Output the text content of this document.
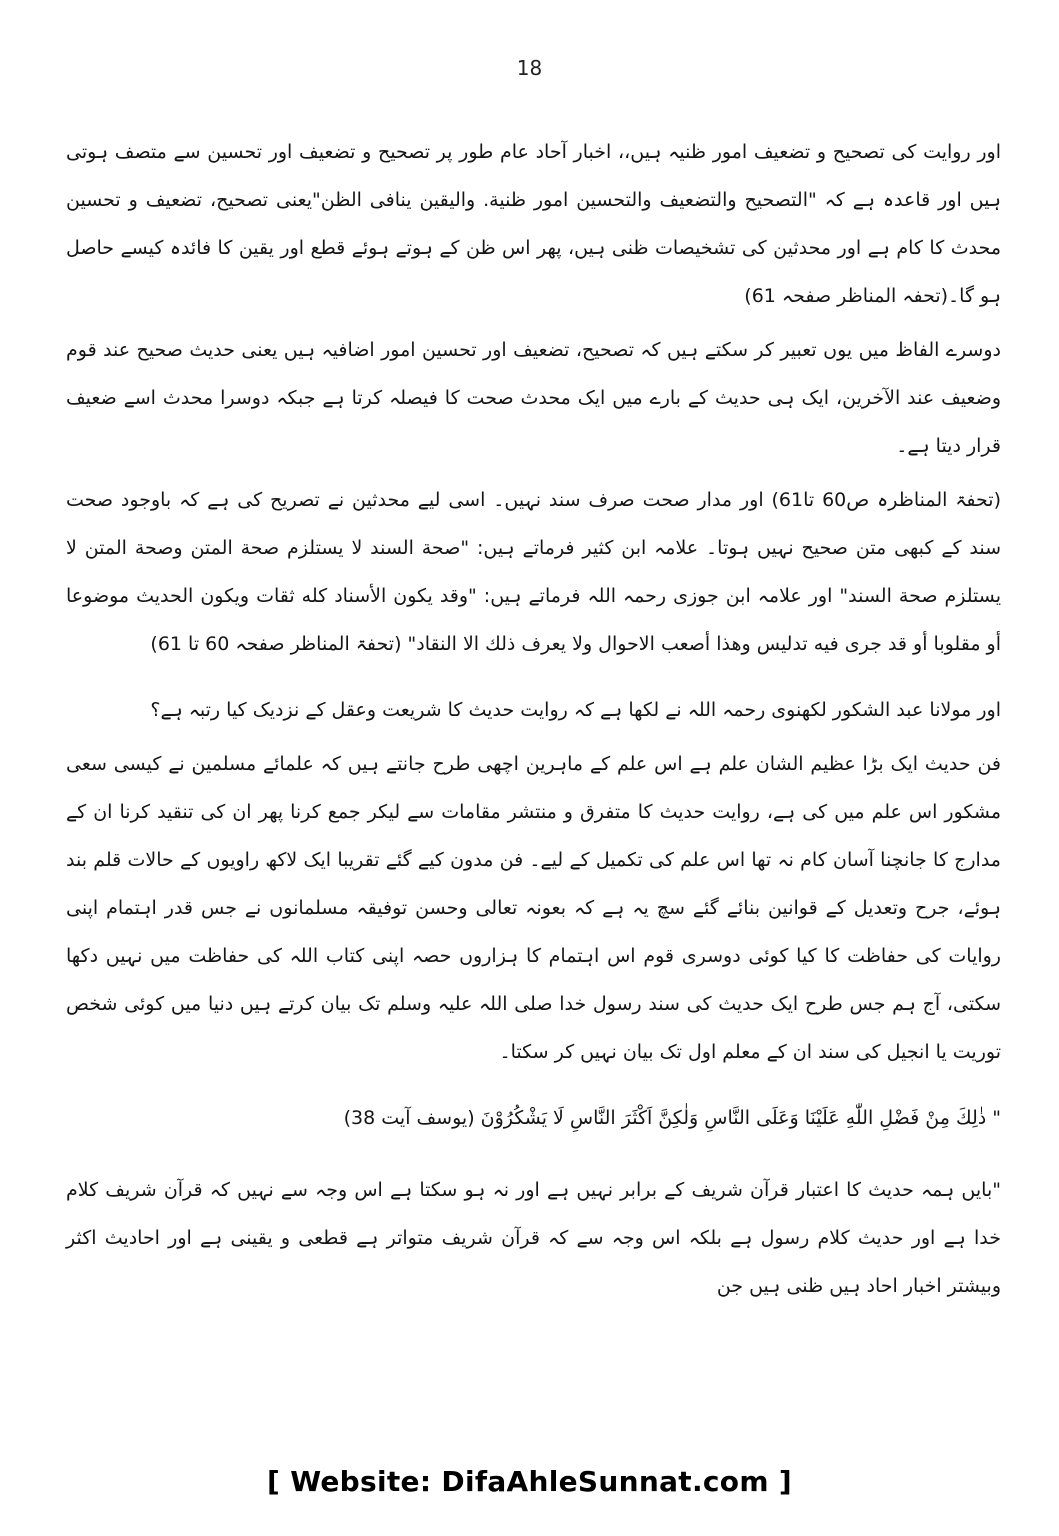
18

اور روایت کی تصحیح و تضعیف امور ظنیہ ہیں،، اخبار آحاد عام طور پر تصحیح و تضعیف اور تحسین سے متصف ہوتی ہیں اور قاعدہ ہے کہ "التصحیح والتضعیف والتحسین امور ظنیة. والیقین ینافی الظن"یعنی تصحیح، تضعیف و تحسین محدث کا کام ہے اور محدثین کی تشخیصات ظنی ہیں، پھر اس ظن کے ہوتے ہوئے قطع اور یقین کا فائدہ کیسے حاصل ہو گا۔(تحفہ المناظر صفحہ 61)

دوسرے الفاظ میں یوں تعبیر کر سکتے ہیں کہ تصحیح، تضعیف اور تحسین امور اضافیہ ہیں یعنی حدیث صحیح عند قوم وضعیف عند الآخرین، ایک ہی حدیث کے بارے میں ایک محدث صحت کا فیصلہ کرتا ہے جبکہ دوسرا محدث اسے ضعیف قرار دیتا ہے۔

(تحفۃ المناظرہ ص60 تا61) اور مدار صحت صرف سند نہیں۔ اسی لیے محدثین نے تصریح کی ہے کہ باوجود صحت سند کے کبھی متن صحیح نہیں ہوتا۔ علامہ ابن کثیر فرماتے ہیں: "صحة السند لا یستلزم صحة المتن وصحة المتن لا یستلزم صحة السند" اور علامہ ابن جوزی رحمہ اللہ فرماتے ہیں: "وقد یکون الأسناد کله ثقات ویکون الحدیث موضوعا أو مقلوبا أو قد جری فیه تدلیس وهذا أصعب الاحوال ولا یعرف ذلك الا النقاد" (تحفۃ المناظر صفحہ 60 تا 61)

اور مولانا عبد الشکور لکھنوی رحمہ اللہ نے لکھا ہے کہ روایت حدیث کا شریعت وعقل کے نزدیک کیا رتبہ ہے؟

فن حدیث ایک بڑا عظیم الشان علم ہے اس علم کے ماہرین اچھی طرح جانتے ہیں کہ علمائے مسلمین نے کیسی سعی مشکور اس علم میں کی ہے، روایت حدیث کا متفرق و منتشر مقامات سے لیکر جمع کرنا پھر ان کی تنقید کرنا ان کے مدارج کا جانچنا آسان کام نہ تھا اس علم کی تکمیل کے لیے۔ فن مدون کیے گئے تقریبا ایک لاکھ راویوں کے حالات قلم بند ہوئے، جرح وتعدیل کے قوانین بنائے گئے سچ یہ ہے کہ بعونہ تعالی وحسن توفیقہ مسلمانوں نے جس قدر اہتمام اپنی روایات کی حفاظت کا کیا کوئی دوسری قوم اس اہتمام کا ہزاروں حصہ اپنی کتاب اللہ کی حفاظت میں نہیں دکھا سکتی، آج ہم جس طرح ایک حدیث کی سند رسول خدا صلی اللہ علیہ وسلم تک بیان کرتے ہیں دنیا میں کوئی شخص توریت یا انجیل کی سند ان کے معلم اول تک بیان نہیں کر سکتا۔

" ذٰلِكَ مِنْ فَضْلِ اللّٰهِ عَلَيْنَا وَعَلَى النَّاسِ وَلٰكِنَّ اَكْثَرَ النَّاسِ لَا يَشْكُرُوْنَ (یوسف آیت 38)

"بایں ہمہ حدیث کا اعتبار قرآن شریف کے برابر نہیں ہے اور نہ ہو سکتا ہے اس وجہ سے نہیں کہ قرآن شریف کلام خدا ہے اور حدیث کلام رسول ہے بلکہ اس وجہ سے کہ قرآن شریف متواتر ہے قطعی و یقینی ہے اور احادیث اکثر وبیشتر اخبار احاد ہیں ظنی ہیں جن

[ Website: DifaAhleSunnat.com ]
